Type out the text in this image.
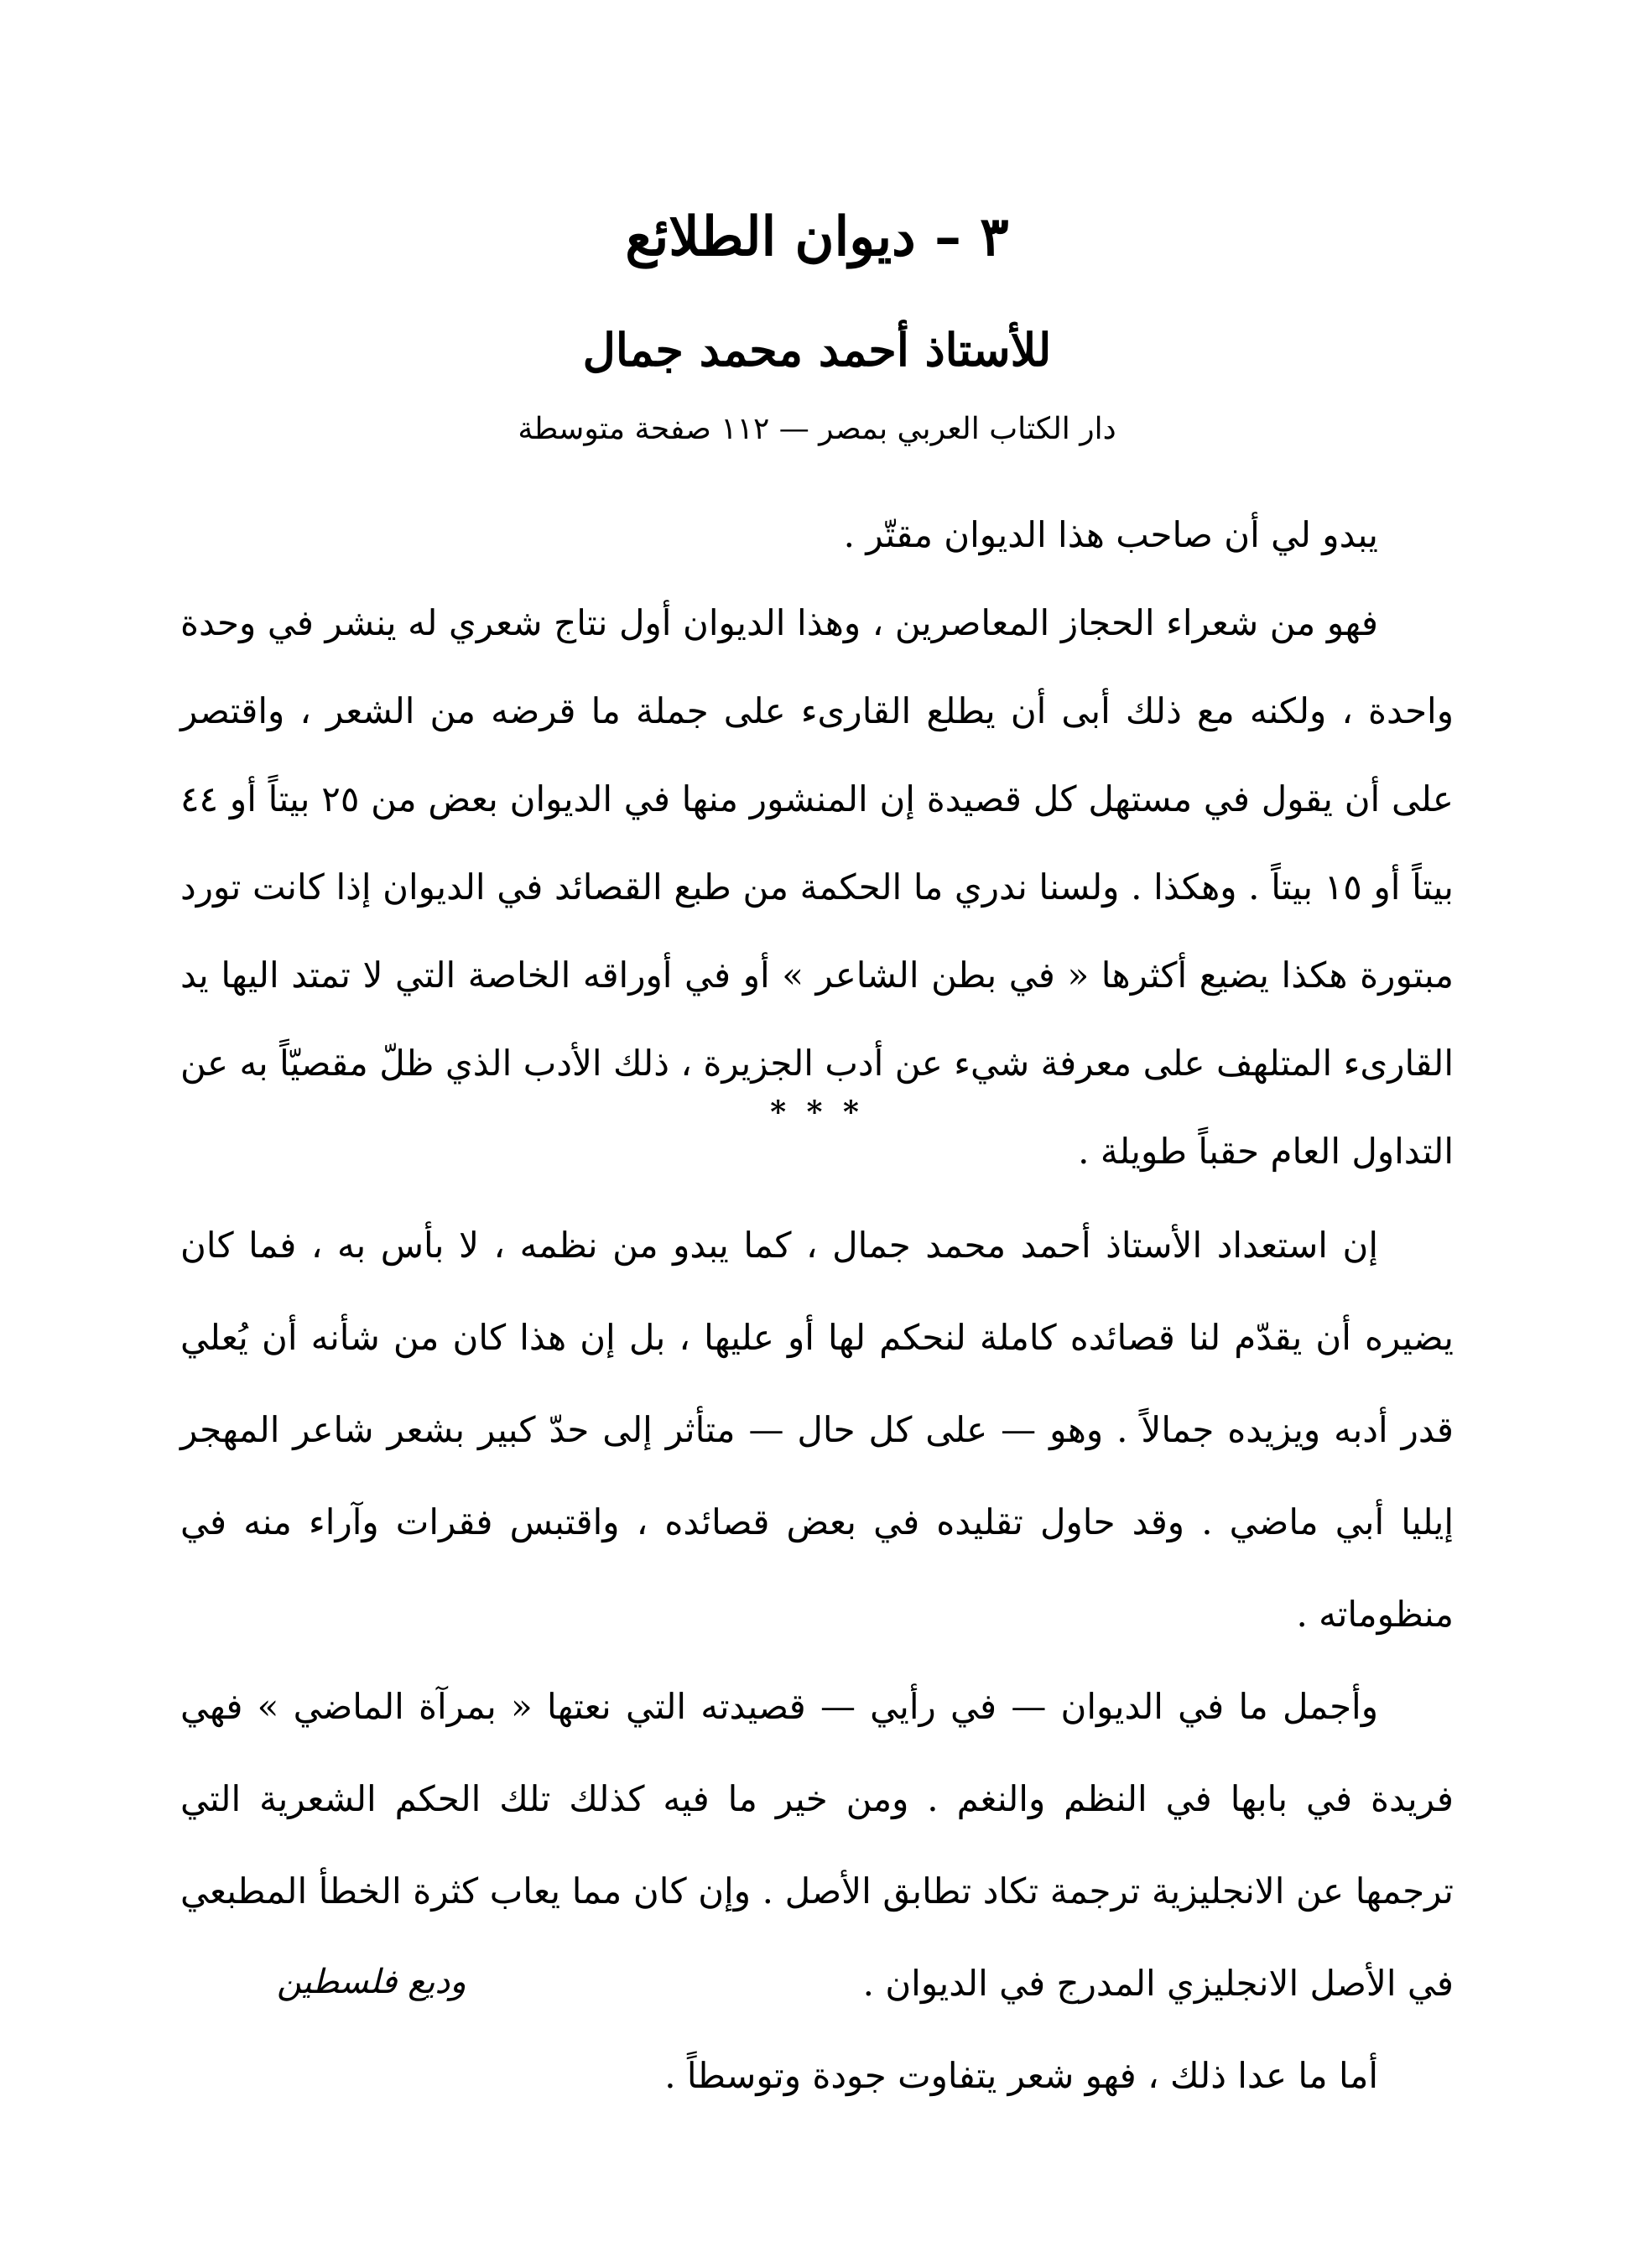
٣ – ديوان الطلائع
للأستاذ أحمد محمد جمال

دار الكتاب العربي بمصر — ١١٢ صفحة متوسطة

يبدو لي أن صاحب هذا الديوان مقتّر .

فهو من شعراء الحجاز المعاصرين ، وهذا الديوان أول نتاج شعري له ينشر في وحدة واحدة ، ولكنه مع ذلك أبى أن يطلع القارىء على جملة ما قرضه من الشعر ، واقتصر على أن يقول في مستهل كل قصيدة إن المنشور منها في الديوان بعض من ٢٥ بيتاً أو ٤٤ بيتاً أو ١٥ بيتاً . وهكذا . ولسنا ندري ما الحكمة من طبع القصائد في الديوان إذا كانت تورد مبتورة هكذا يضيع أكثرها « في بطن الشاعر » أو في أوراقه الخاصة التي لا تمتد اليها يد القارىء المتلهف على معرفة شيء عن أدب الجزيرة ، ذلك الأدب الذي ظلّ مقصيّاً به عن التداول العام حقباً طويلة .

* * *

إن استعداد الأستاذ أحمد محمد جمال ، كما يبدو من نظمه ، لا بأس به ، فما كان يضيره أن يقدّم لنا قصائده كاملة لنحكم لها أو عليها ، بل إن هذا كان من شأنه أن يُعلي قدر أدبه ويزيده جمالاً . وهو — على كل حال — متأثر إلى حدّ كبير بشعر شاعر المهجر إيليا أبي ماضي . وقد حاول تقليده في بعض قصائده ، واقتبس فقرات وآراء منه في منظوماته .

وأجمل ما في الديوان — في رأيي — قصيدته التي نعتها « بمرآة الماضي » فهي فريدة في بابها في النظم والنغم . ومن خير ما فيه كذلك تلك الحكم الشعرية التي ترجمها عن الانجليزية ترجمة تكاد تطابق الأصل . وإن كان مما يعاب كثرة الخطأ المطبعي في الأصل الانجليزي المدرج في الديوان .

أما ما عدا ذلك ، فهو شعر يتفاوت جودة وتوسطاً .

وديع فلسطين
